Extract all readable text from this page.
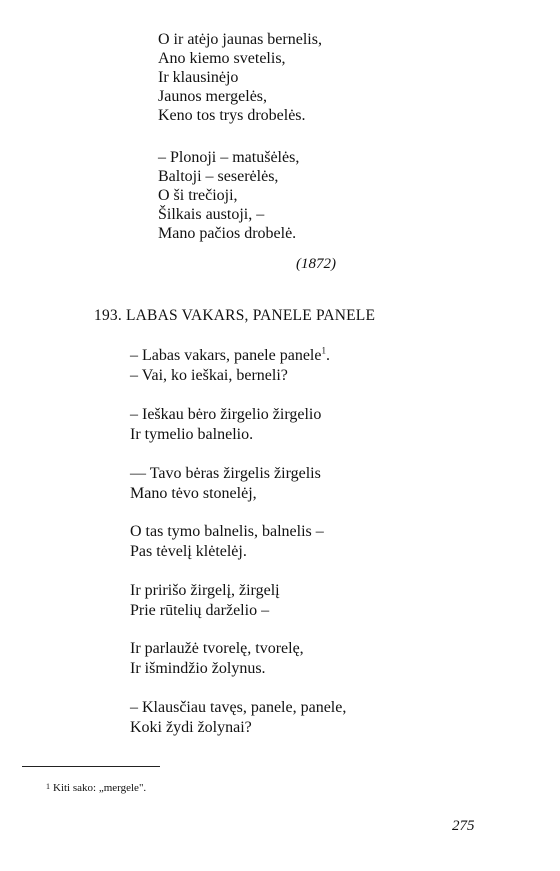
O ir atėjo jaunas bernelis,
Ano kiemo svetelis,
Ir klausinėjo
Jaunos mergelės,
Keno tos trys drobelės.
– Plonoji – matušėlės,
Baltoji – seserėlės,
O ši trečioji,
Šilkais austoji, –
Mano pačios drobelė.
(1872)
193. LABAS VAKARS, PANELE PANELE
– Labas vakars, panele panele$^1$.
– Vai, ko ieškai, berneli?
– Ieškau bėro žirgelio žirgelio
Ir tymelio balnelio.
— Tavo bėras žirgelis žirgelis
Mano tėvo stonelėj,
O tas tymo balnelis, balnelis –
Pas tėvelį klėtelėj.
Ir pririšo žirgelį, žirgelį
Prie rūtelių darželio –
Ir parlaužė tvorelę, tvorelę,
Ir išmindžio žolynus.
– Klausčiau tavęs, panele, panele,
Koki žydi žolynai?
$^1$ Kiti sako: „mergele".
275
